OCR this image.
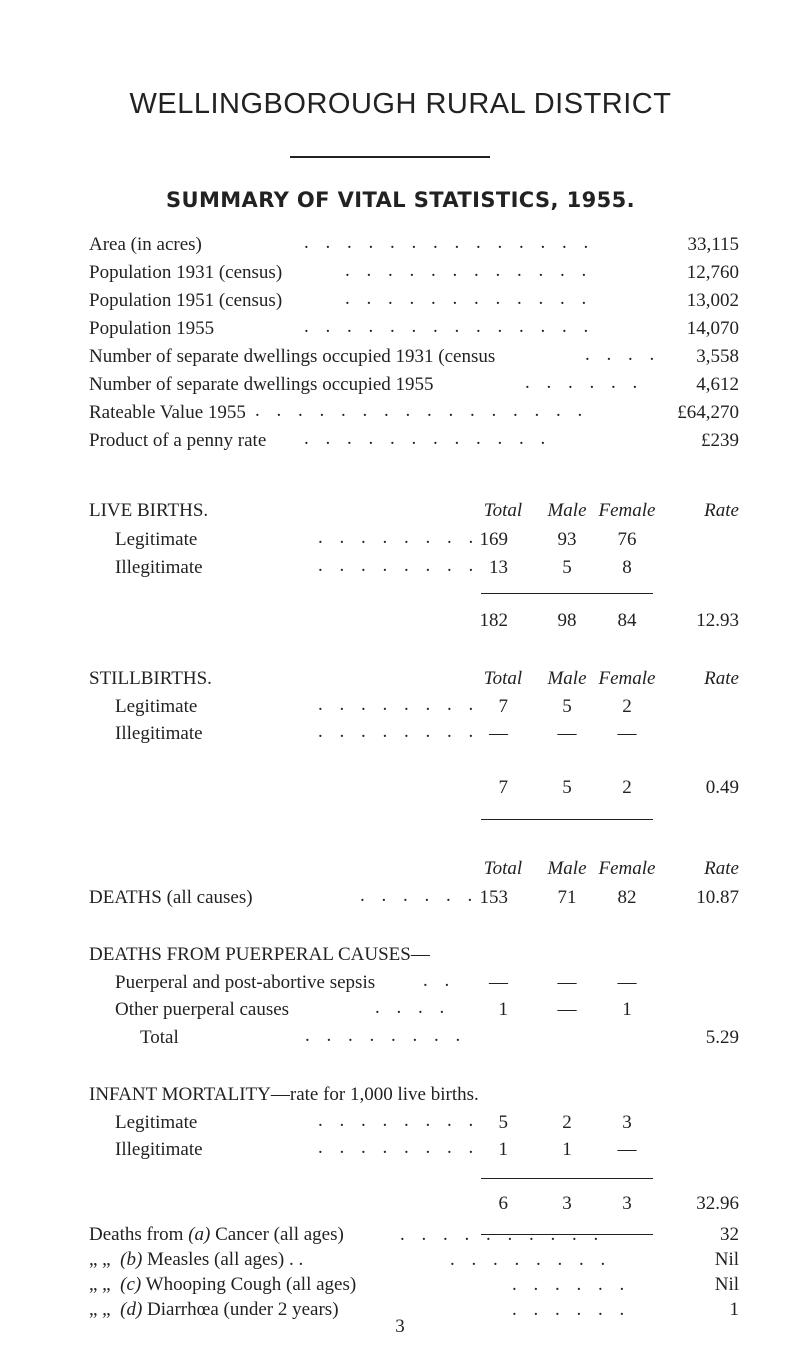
WELLINGBOROUGH RURAL DISTRICT
SUMMARY OF VITAL STATISTICS, 1955.
Area (in acres)	. . . . . . . . . . . . . .	33,115
Population 1931 (census)	. . . . . . . . . . . .	12,760
Population 1951 (census)	. . . . . . . . . . . .	13,002
Population 1955	. . . . . . . . . . . . . .	14,070
Number of separate dwellings occupied 1931 (census	. . . . 3,558
Number of separate dwellings occupied 1955	. . . . . .	4,612
Rateable Value 1955 . . . . . . . . . . . . . . . .	£64,270
Product of a penny rate . . . . . . . . . . . .	£239
LIVE BIRTHS.	Total	Male Female	Rate
Legitimate	. . . . . . . . 169	93	76
Illegitimate	. . . . . . . . 13	5	8
182	98	84	12.93
STILLBIRTHS.	Total	Male Female	Rate
Legitimate	. . . . . . . . 7	5	2
Illegitimate	. . . . . . . . —	—	—
7	5	2	0.49
Total	Male Female	Rate
DEATHS (all causes)	. . . . . . 153	71	82	10.87
DEATHS FROM PUERPERAL CAUSES—
Puerperal and post-abortive sepsis	. . —	—	—
Other puerperal causes	. . . .	1	—	1
Total	. . . . . . . .	5.29
INFANT MORTALITY—rate for 1,000 live births.
Legitimate	. . . . . . . . 5	2	3
Illegitimate	. . . . . . . . 1	1	—
6	3	3	32.96
Deaths from (a) Cancer (all ages)	. . . . . . . . . .	32
„ „ (b) Measles (all ages) . .	. . . . . . . .	Nil
„ „ (c) Whooping Cough (all ages)	. . . . . .	Nil
„ „ (d) Diarrhœa (under 2 years)	. . . . . .	1
3
